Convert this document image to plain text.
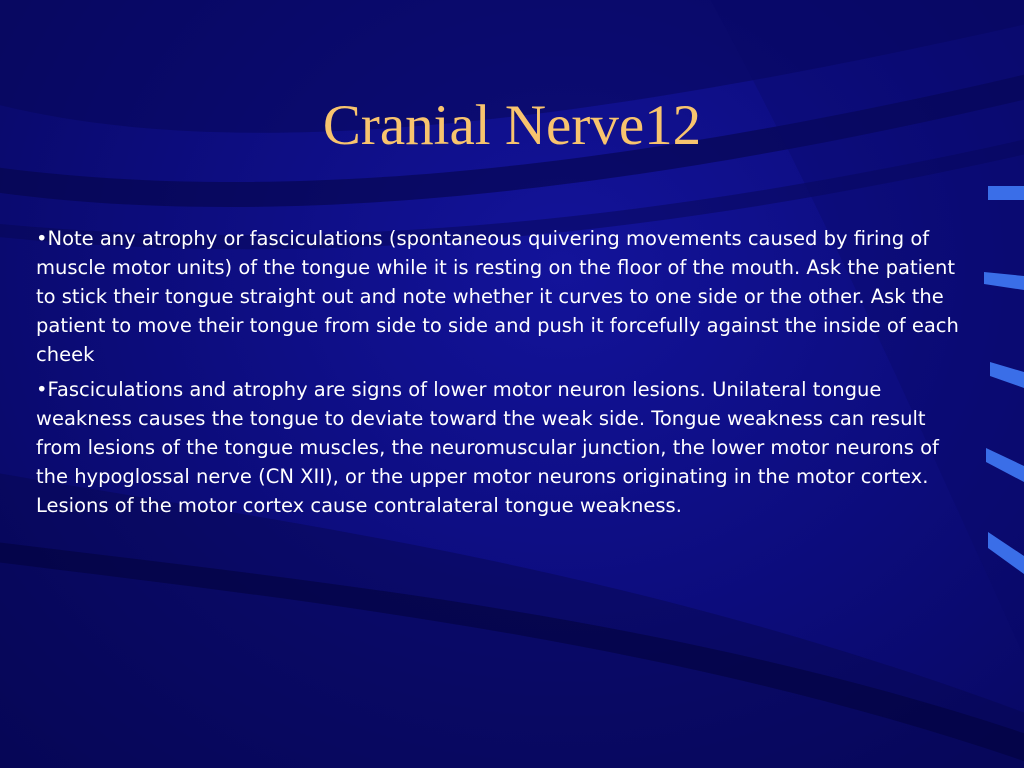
Cranial Nerve12

•Note any atrophy or fasciculations (spontaneous quivering movements caused by firing of muscle motor units) of the tongue while it is resting on the floor of the mouth. Ask the patient to stick their tongue straight out and note whether it curves to one side or the other. Ask the patient to move their tongue from side to side and push it forcefully against the inside of each cheek

•Fasciculations and atrophy are signs of lower motor neuron lesions. Unilateral tongue weakness causes the tongue to deviate toward the weak side. Tongue weakness can result from lesions of the tongue muscles, the neuromuscular junction, the lower motor neurons of the hypoglossal nerve (CN XII), or the upper motor neurons originating in the motor cortex. Lesions of the motor cortex cause contralateral tongue weakness.
